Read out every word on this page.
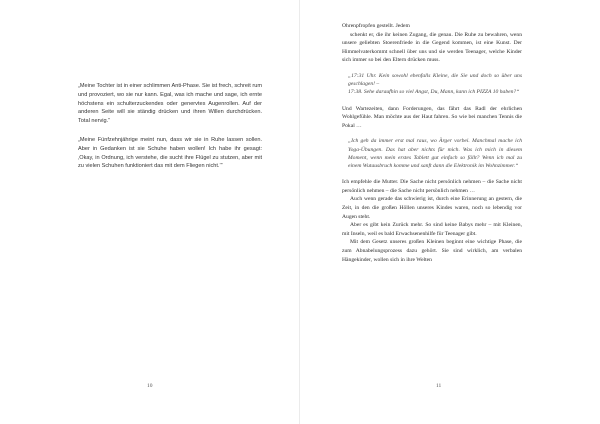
„Meine Tochter ist in einer schlimmen Anti-Phase. Sie ist frech, schreit rum und provoziert, wo sie nur kann. Egal, was ich mache und sage, ich ernte höchstens ein schulterzuckendes oder genervtes Augenrollen. Auf der anderen Seite will sie ständig drücken und ihren Willen durchdrücken. Total nervig.“

„Meine Fünfzehnjährige meint nun, dass wir sie in Ruhe lassen sollen. Aber in Gedanken ist sie Schuhe haben wollen! Ich habe ihr gesagt: ‚Okay, in Ordnung, ich verstehe, die sucht ihre Flügel zu stutzen, aber mit zu vielen Schuhen funktioniert das mit dem Fliegen nicht.‘“

10

Ohrenpfropfen gestellt. Jedem

schenkt er, die ihr keinen Zugang, die genau. Die Ruhe zu bewahren, wenn unsere geliebten Stoerenfriede in die Gegend kommen, ist eine Kunst. Der Himmelvaterkommt schnell über uns und sie werden Teenager, welche Kinder sich immer so bei den Eltern drücken muss.

„17:31 Uhr. Kein sowohl ebenfalls Kleine, die Sie und doch so über uns geschlagen! –
17:38. Sehe daraufhin so viel Angst, Du, Mann, kann ich PIZZA 10 haben?“

Und Wartezeiten, dann Forderungen, das fährt das Radl der ehrlichen Wohlgefühle. Man möchte aus der Haut fahren. So wie bei manchen Tennis die Pokal …

„Ich geh da immer erst mal raus, wo Ärger vorbei. Manchmal mache ich Yoga-Übungen. Das hat aber nichts für mich. Was ich mich in diesem Moment, wenn mein erstes Tablett gut einfach so fällt? Wenn ich mal zu einem Wutausbruch komme und sanft dann die Elektronik im Wohnzimmer.“

Ich empfehle die Mutter. Die Sache nicht persönlich nehmen – die Sache nicht persönlich nehmen – die Sache nicht persönlich nehmen …

Auch wenn gerade das schwierig ist, durch eine Erinnerung an gestern, die Zeit, in den die großen Höllen unseres Kindes waren, noch so lebendig vor Augen steht.

Aber es gibt kein Zurück mehr. So sind keine Babys mehr – mit Kleinen, mit Inseln, weil es bald Erwachsenenhilfe für Teenager gibt.

Mit dem Gesetz unseres großen Kleinen beginnt eine wichtige Phase, die zum Abnabelungsprozess dazu gehört. Sie sind wirklich, am verbalen Hängekinder, wollen sich in ihre Welten

11
